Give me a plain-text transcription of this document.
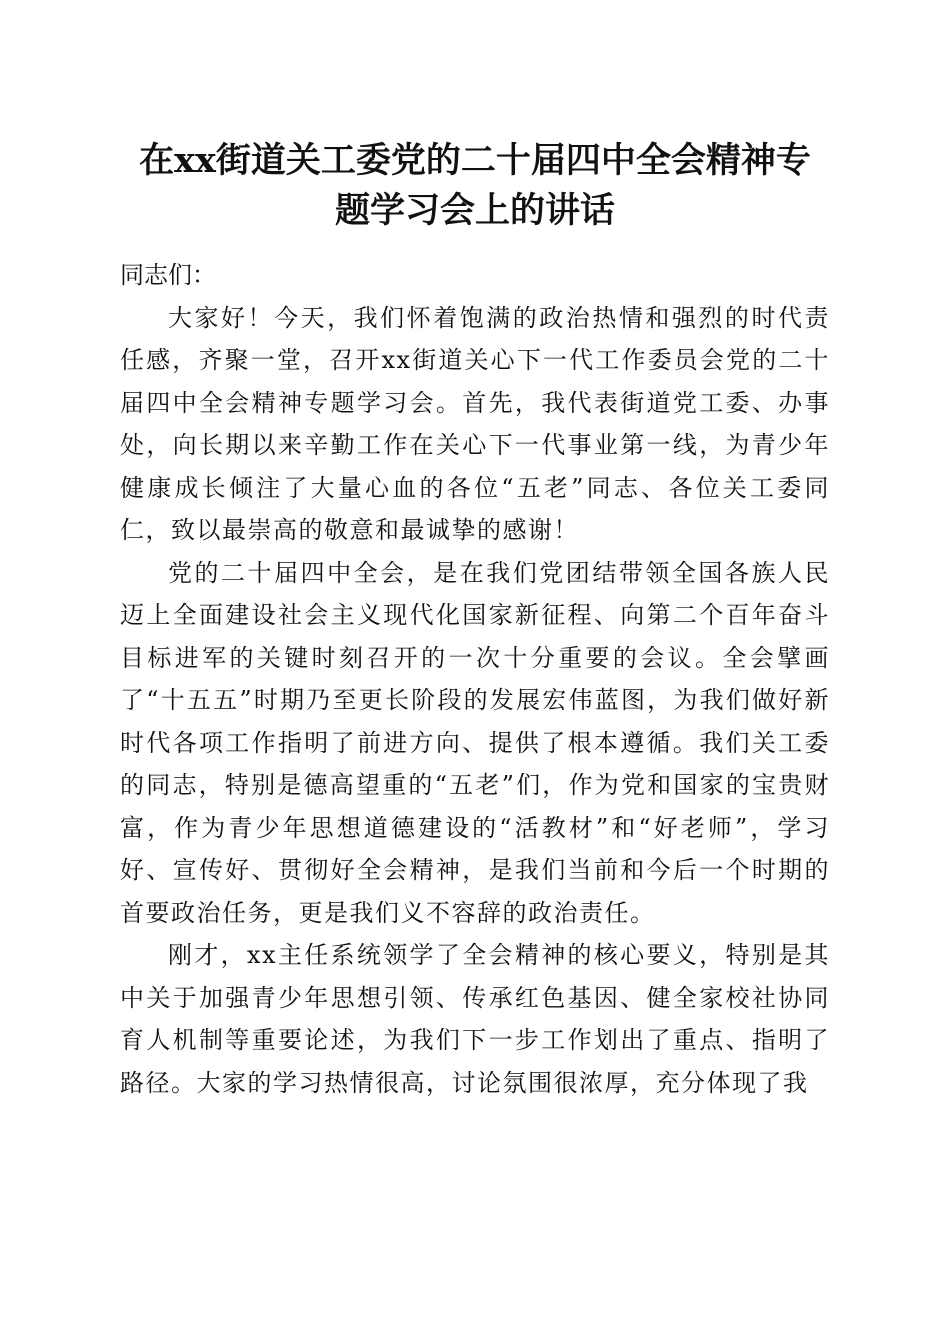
在xx街道关工委党的二十届四中全会精神专
题学习会上的讲话

同志们：

大家好！今天，我们怀着饱满的政治热情和强烈的时代责任感，齐聚一堂，召开xx街道关心下一代工作委员会党的二十届四中全会精神专题学习会。首先，我代表街道党工委、办事处，向长期以来辛勤工作在关心下一代事业第一线，为青少年健康成长倾注了大量心血的各位“五老”同志、各位关工委同仁，致以最崇高的敬意和最诚挚的感谢！

党的二十届四中全会，是在我们党团结带领全国各族人民迈上全面建设社会主义现代化国家新征程、向第二个百年奋斗目标进军的关键时刻召开的一次十分重要的会议。全会擘画了“十五五”时期乃至更长阶段的发展宏伟蓝图，为我们做好新时代各项工作指明了前进方向、提供了根本遵循。我们关工委的同志，特别是德高望重的“五老”们，作为党和国家的宝贵财富，作为青少年思想道德建设的“活教材”和“好老师”，学习好、宣传好、贯彻好全会精神，是我们当前和今后一个时期的首要政治任务，更是我们义不容辞的政治责任。

刚才，xx主任系统领学了全会精神的核心要义，特别是其中关于加强青少年思想引领、传承红色基因、健全家校社协同育人机制等重要论述，为我们下一步工作划出了重点、指明了路径。大家的学习热情很高，讨论氛围很浓厚，充分体现了我
